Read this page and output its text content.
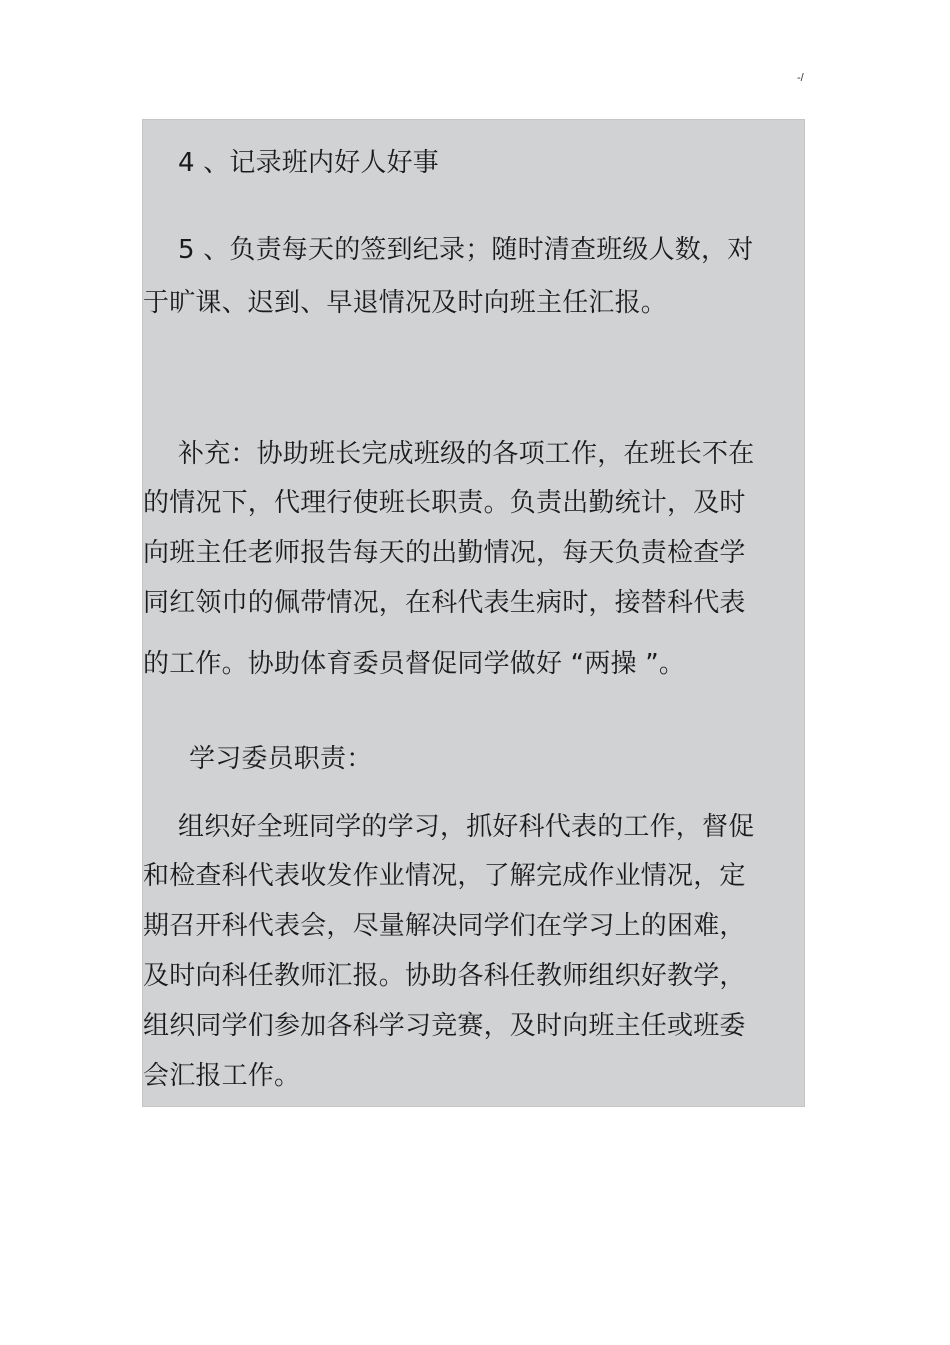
-/
4 、记录班内好人好事
5 、负责每天的签到纪录；随时清查班级人数，对
于旷课、迟到、早退情况及时向班主任汇报。
补充：协助班长完成班级的各项工作，在班长不在
的情况下，代理行使班长职责。负责出勤统计，及时
向班主任老师报告每天的出勤情况，每天负责检查学
同红领巾的佩带情况，在科代表生病时，接替科代表
的工作。协助体育委员督促同学做好 “两操 ”。
学习委员职责：
组织好全班同学的学习，抓好科代表的工作，督促
和检查科代表收发作业情况，了解完成作业情况，定
期召开科代表会，尽量解决同学们在学习上的困难，
及时向科任教师汇报。协助各科任教师组织好教学，
组织同学们参加各科学习竞赛，及时向班主任或班委
会汇报工作。
